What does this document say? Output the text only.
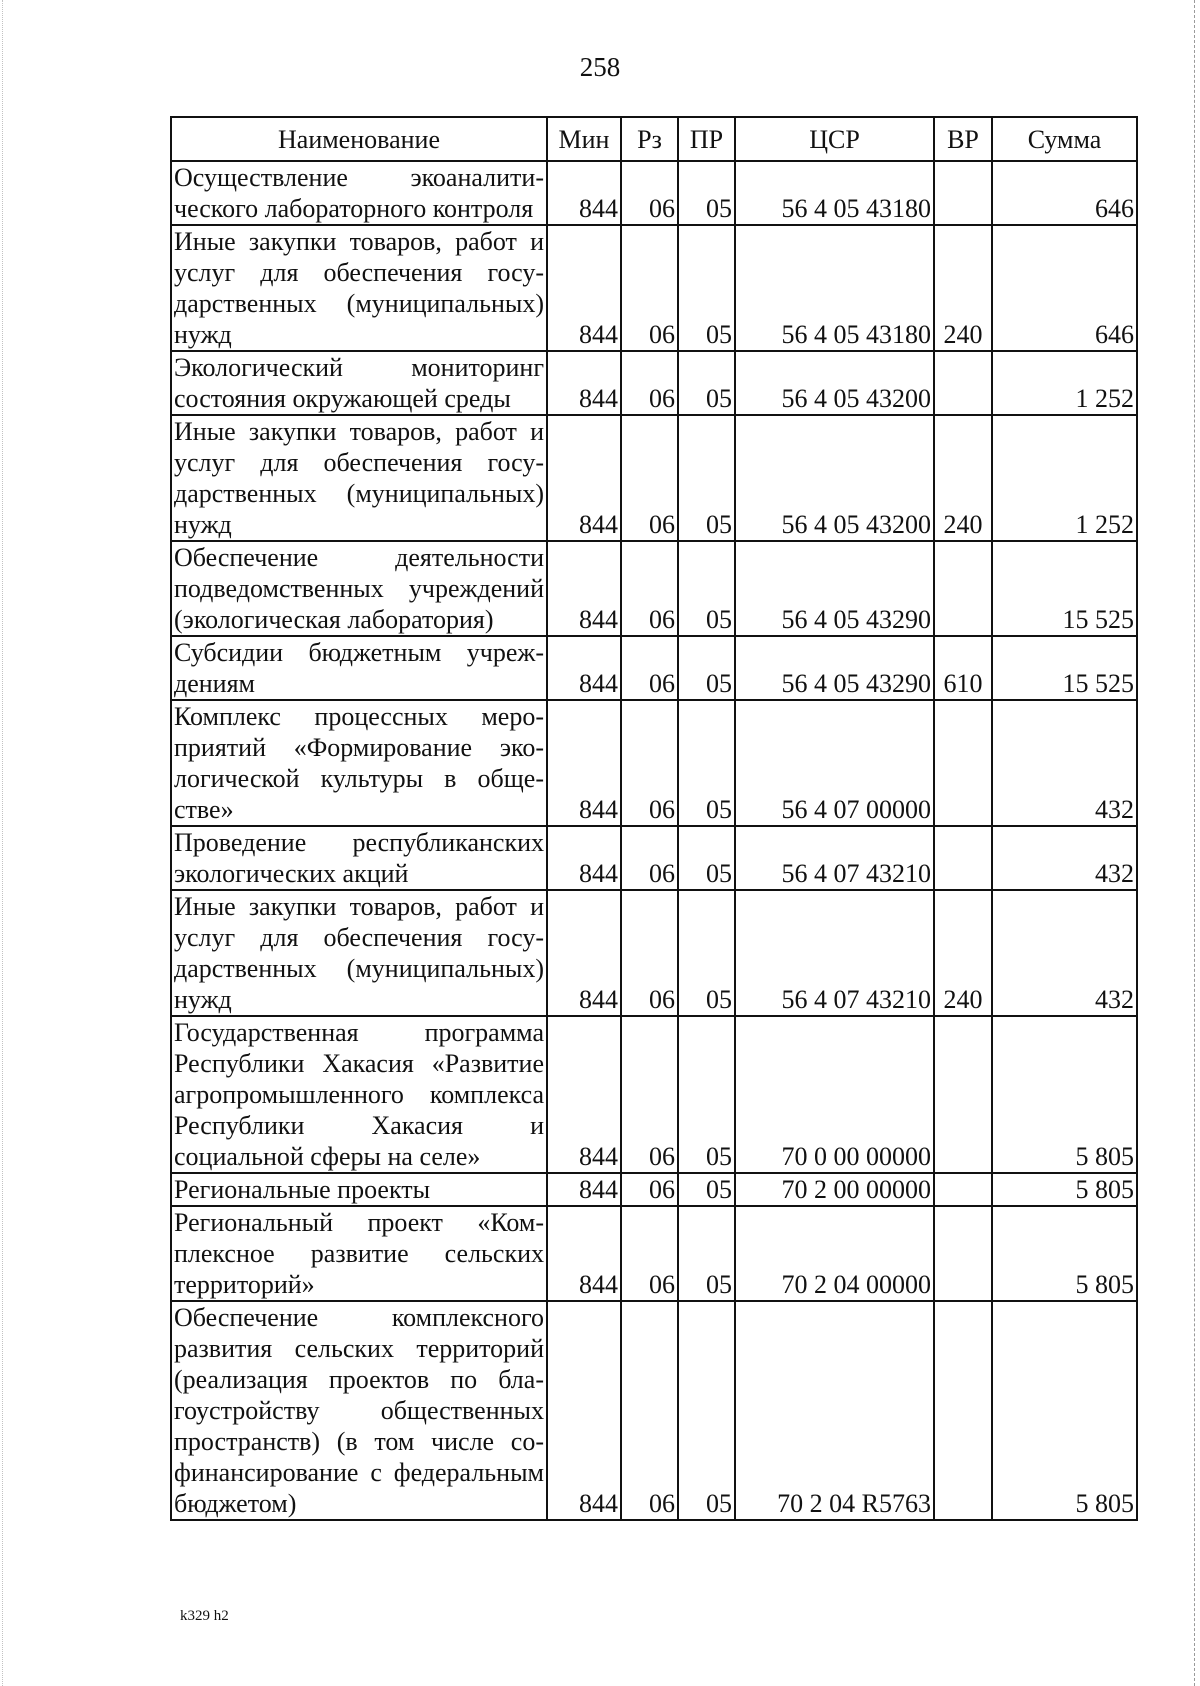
258
Наименование	Мин	Рз	ПР	ЦСР	ВР	Сумма
Осуществление экоаналитического лабораторного контроля	844	06	05	56 4 05 43180		646
Иные закупки товаров, работ и услуг для обеспечения государственных (муниципальных) нужд	844	06	05	56 4 05 43180	240	646
Экологический мониторинг состояния окружающей среды	844	06	05	56 4 05 43200		1 252
Иные закупки товаров, работ и услуг для обеспечения государственных (муниципальных) нужд	844	06	05	56 4 05 43200	240	1 252
Обеспечение деятельности подведомственных учреждений (экологическая лаборатория)	844	06	05	56 4 05 43290		15 525
Субсидии бюджетным учреждениям	844	06	05	56 4 05 43290	610	15 525
Комплекс процессных мероприятий «Формирование экологической культуры в обществе»	844	06	05	56 4 07 00000		432
Проведение республиканских экологических акций	844	06	05	56 4 07 43210		432
Иные закупки товаров, работ и услуг для обеспечения государственных (муниципальных) нужд	844	06	05	56 4 07 43210	240	432
Государственная программа Республики Хакасия «Развитие агропромышленного комплекса Республики Хакасия и социальной сферы на селе»	844	06	05	70 0 00 00000		5 805
Региональные проекты	844	06	05	70 2 00 00000		5 805
Региональный проект «Комплексное развитие сельских территорий»	844	06	05	70 2 04 00000		5 805
Обеспечение комплексного развития сельских территорий (реализация проектов по благоустройству общественных пространств) (в том числе софинансирование с федеральным бюджетом)	844	06	05	70 2 04 R5763		5 805
k329 h2
